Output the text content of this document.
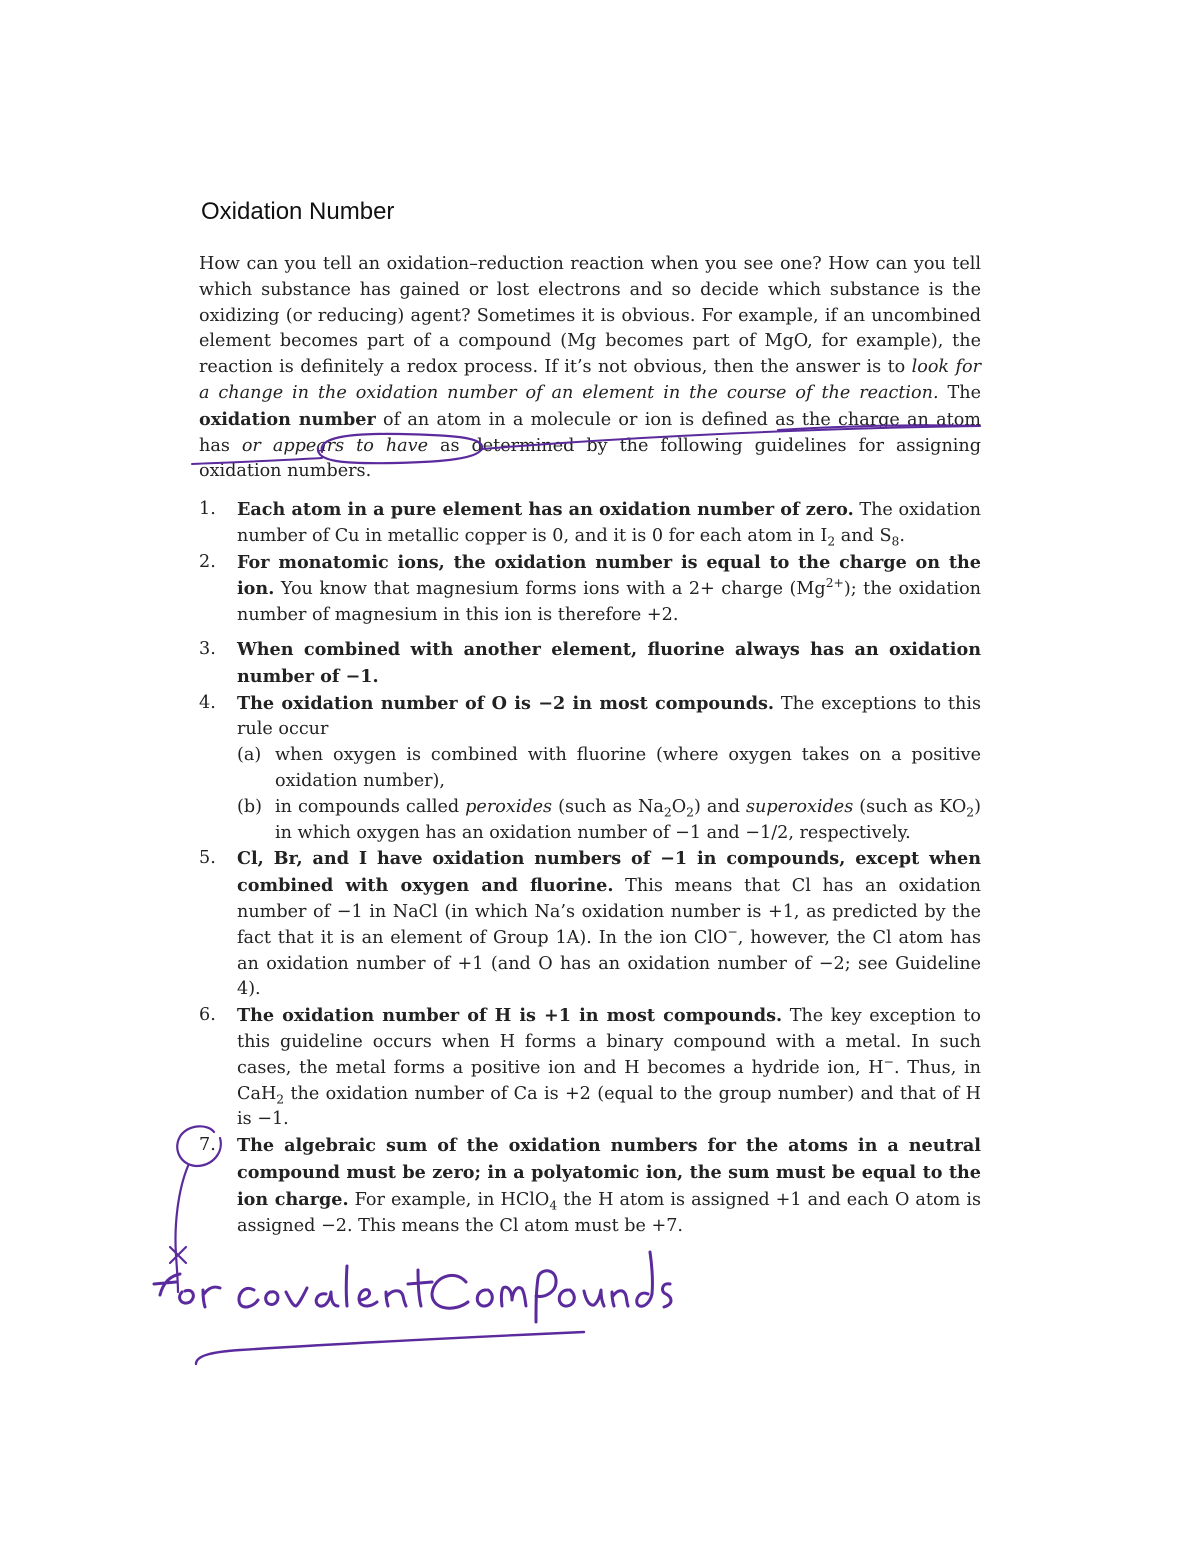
Oxidation Number

How can you tell an oxidation–reduction reaction when you see one? How can you tell which substance has gained or lost electrons and so decide which substance is the oxidizing (or reducing) agent? Sometimes it is obvious. For example, if an uncombined element becomes part of a compound (Mg becomes part of MgO, for example), the reaction is definitely a redox process. If it’s not obvious, then the answer is to look for a change in the oxidation number of an element in the course of the reaction. The oxidation number of an atom in a molecule or ion is defined as the charge an atom has or appears to have as determined by the following guidelines for assigning oxidation numbers.

1. Each atom in a pure element has an oxidation number of zero. The oxidation number of Cu in metallic copper is 0, and it is 0 for each atom in $I_2$ and $S_8$.
2. For monatomic ions, the oxidation number is equal to the charge on the ion. You know that magnesium forms ions with a 2+ charge $(Mg^{2+})$; the oxidation number of magnesium in this ion is therefore +2.
3. When combined with another element, fluorine always has an oxidation number of −1.
4. The oxidation number of O is −2 in most compounds. The exceptions to this rule occur
(a) when oxygen is combined with fluorine (where oxygen takes on a positive oxidation number),
(b) in compounds called peroxides (such as $Na_2O_2$) and superoxides (such as $KO_2$) in which oxygen has an oxidation number of −1 and −1/2, respectively.
5. Cl, Br, and I have oxidation numbers of −1 in compounds, except when combined with oxygen and fluorine. This means that Cl has an oxidation number of −1 in NaCl (in which Na’s oxidation number is +1, as predicted by the fact that it is an element of Group 1A). In the ion ClO−, however, the Cl atom has an oxidation number of +1 (and O has an oxidation number of −2; see Guideline 4).
6. The oxidation number of H is +1 in most compounds. The key exception to this guideline occurs when H forms a binary compound with a metal. In such cases, the metal forms a positive ion and H becomes a hydride ion, H−. Thus, in CaH$_2$ the oxidation number of Ca is +2 (equal to the group number) and that of H is −1.
7. The algebraic sum of the oxidation numbers for the atoms in a neutral compound must be zero; in a polyatomic ion, the sum must be equal to the ion charge. For example, in HClO$_4$ the H atom is assigned +1 and each O atom is assigned −2. This means the Cl atom must be +7.
